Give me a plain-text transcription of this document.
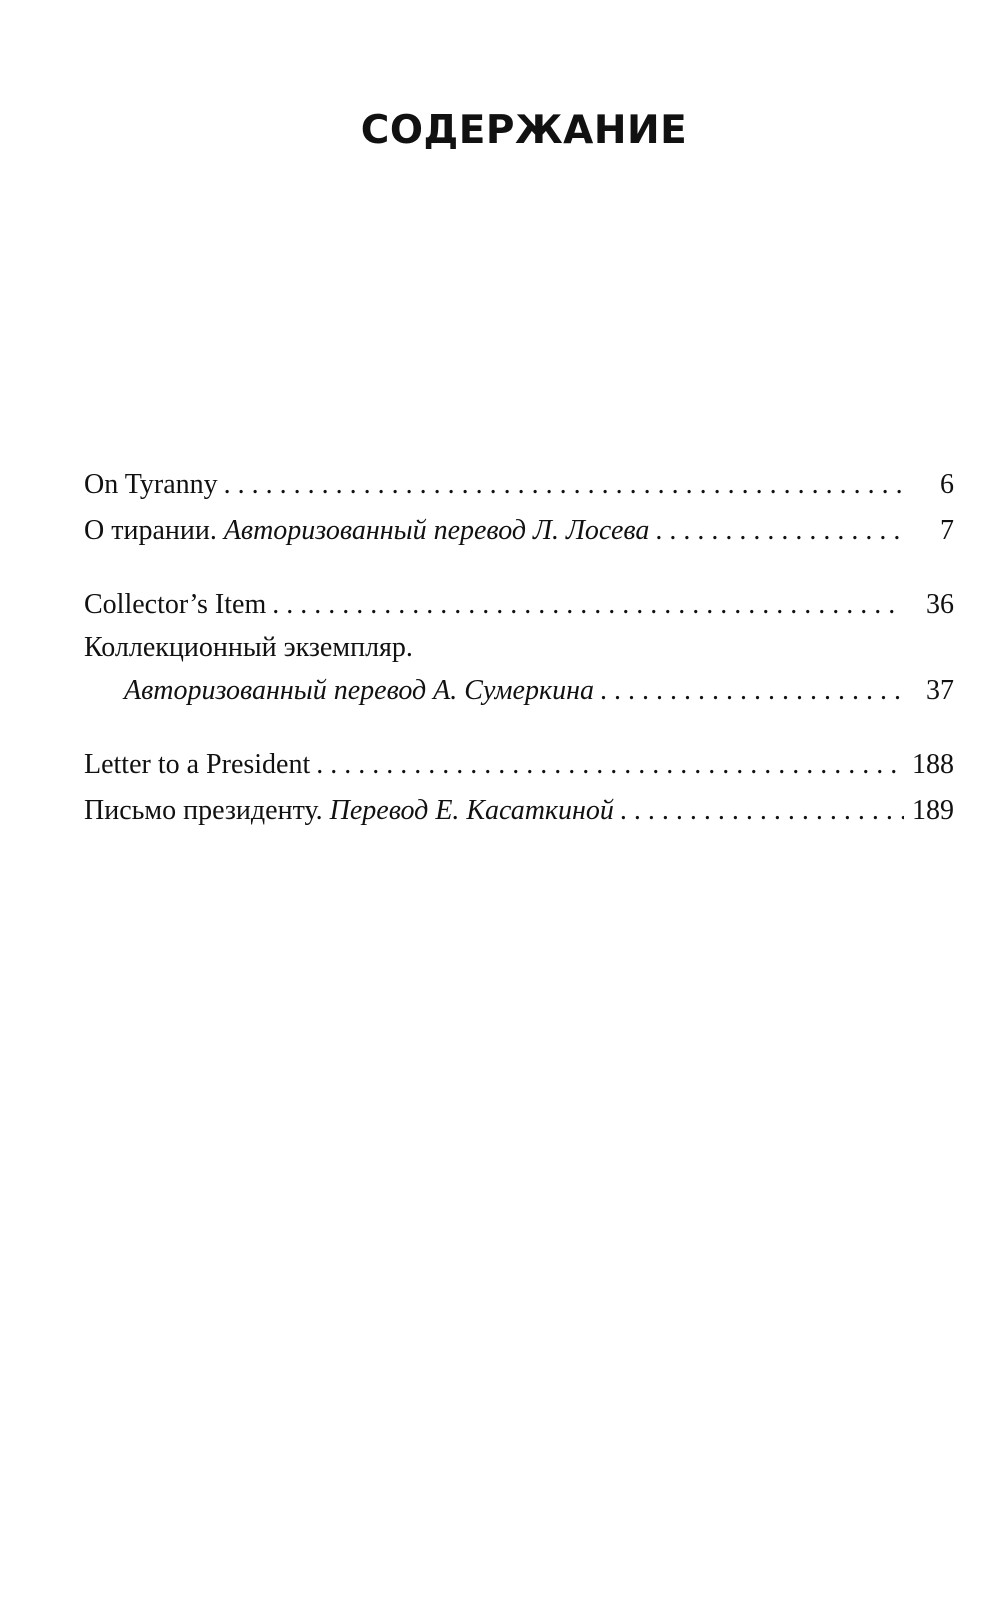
СОДЕРЖАНИЕ
On Tyranny . . .	6
О тирании.
Авторизованный перевод Л. Лосева . . .	7
Collector’s Item . . .	36
Коллекционный экземпляр.
Авторизованный перевод А. Сумеркина . . .	37
Letter to a President . . .	188
Письмо президенту.
Перевод Е. Касаткиной . . .	189
